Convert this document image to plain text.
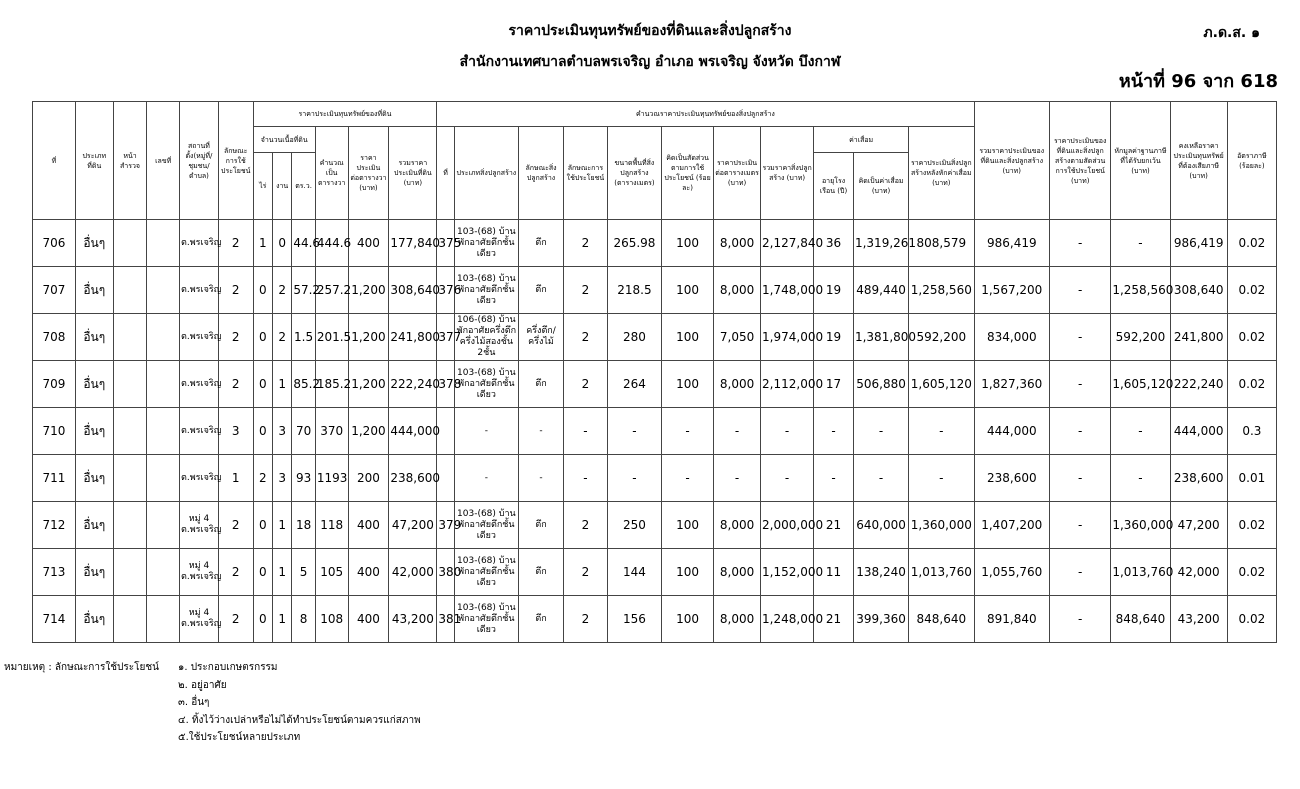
ราคาประเมินทุนทรัพย์ของที่ดินและสิ่งปลูกสร้าง	ภ.ด.ส. ๑
สำนักงานเทศบาลตำบลพรเจริญ อำเภอ พรเจริญ จังหวัด บึงกาฬ
หน้าที่ 96 จาก 618
ที่	ประเภทที่ดิน	หน้าสำรวจ	เลขที่	สถานที่ตั้ง(หมู่ที่/ชุมชน/ตำบล)	ลักษณะการใช้ประโยชน์	ราคาประเมินทุนทรัพย์ของที่ดิน						คำนวณราคาประเมินทุนทรัพย์ของสิ่งปลูกสร้าง											รวมราคาประเมินของที่ดินและสิ่งปลูกสร้าง (บาท)	ราคาประเมินของที่ดินและสิ่งปลูกสร้างตามสัดส่วนการใช้ประโยชน์ (บาท)	หักมูลค่าฐานภาษีที่ได้รับยกเว้น (บาท)	คงเหลือราคาประเมินทุนทรัพย์ที่ต้องเสียภาษี (บาท)	อัตราภาษี (ร้อยละ)
						จำนวนเนื้อที่ดิน			คำนวณเป็นตารางวา	ราคาประเมินต่อตารางวา (บาท)	รวมราคาประเมินที่ดิน (บาท)	ที่	ประเภทสิ่งปลูกสร้าง	ลักษณะสิ่งปลูกสร้าง	ลักษณะการใช้ประโยชน์	ขนาดพื้นที่สิ่งปลูกสร้าง (ตารางเมตร)	คิดเป็นสัดส่วนตามการใช้ประโยชน์ (ร้อยละ)	ราคาประเมินต่อตารางเมตร (บาท)	รวมราคาสิ่งปลูกสร้าง (บาท)	ค่าเสื่อม		ราคาประเมินสิ่งปลูกสร้างหลังหักค่าเสื่อม (บาท)					
						ไร่	งาน	ตร.ว.												อายุโรงเรือน (ปี)	คิดเป็นค่าเสื่อม (บาท)						
706	อื่นๆ			ต.พรเจริญ	2	1	0	44.6	444.6	400	177,840	375	103-(68) บ้านพักอาศัยตึกชั้นเดียว	ตึก	2	265.98	100	8,000	2,127,840	36	1,319,261	808,579	986,419	-	-	986,419	0.02
707	อื่นๆ			ต.พรเจริญ	2	0	2	57.2	257.2	1,200	308,640	376	103-(68) บ้านพักอาศัยตึกชั้นเดียว	ตึก	2	218.5	100	8,000	1,748,000	19	489,440	1,258,560	1,567,200	-	1,258,560	308,640	0.02
708	อื่นๆ			ต.พรเจริญ	2	0	2	1.5	201.5	1,200	241,800	377	106-(68) บ้านพักอาศัยครึ่งตึกครึ่งไม้สองชั้น 2ชั้น	ครึ่งตึก/ครึ่งไม้	2	280	100	7,050	1,974,000	19	1,381,800	592,200	834,000	-	592,200	241,800	0.02
709	อื่นๆ			ต.พรเจริญ	2	0	1	85.2	185.2	1,200	222,240	378	103-(68) บ้านพักอาศัยตึกชั้นเดียว	ตึก	2	264	100	8,000	2,112,000	17	506,880	1,605,120	1,827,360	-	1,605,120	222,240	0.02
710	อื่นๆ			ต.พรเจริญ	3	0	3	70	370	1,200	444,000		-	-	-	-	-	-	-	-	-	-	444,000	-	-	444,000	0.3
711	อื่นๆ			ต.พรเจริญ	1	2	3	93	1193	200	238,600		-	-	-	-	-	-	-	-	-	-	238,600	-	-	238,600	0.01
712	อื่นๆ			หมู่ 4 ต.พรเจริญ	2	0	1	18	118	400	47,200	379	103-(68) บ้านพักอาศัยตึกชั้นเดียว	ตึก	2	250	100	8,000	2,000,000	21	640,000	1,360,000	1,407,200	-	1,360,000	47,200	0.02
713	อื่นๆ			หมู่ 4 ต.พรเจริญ	2	0	1	5	105	400	42,000	380	103-(68) บ้านพักอาศัยตึกชั้นเดียว	ตึก	2	144	100	8,000	1,152,000	11	138,240	1,013,760	1,055,760	-	1,013,760	42,000	0.02
714	อื่นๆ			หมู่ 4 ต.พรเจริญ	2	0	1	8	108	400	43,200	381	103-(68) บ้านพักอาศัยตึกชั้นเดียว	ตึก	2	156	100	8,000	1,248,000	21	399,360	848,640	891,840	-	848,640	43,200	0.02
หมายเหตุ : ลักษณะการใช้ประโยชน์ ๑. ประกอบเกษตรกรรม
๒. อยู่อาศัย
๓. อื่นๆ
๔. ทิ้งไว้ว่างเปล่าหรือไม่ได้ทำประโยชน์ตามควรแก่สภาพ
๕.ใช้ประโยชน์หลายประเภท
